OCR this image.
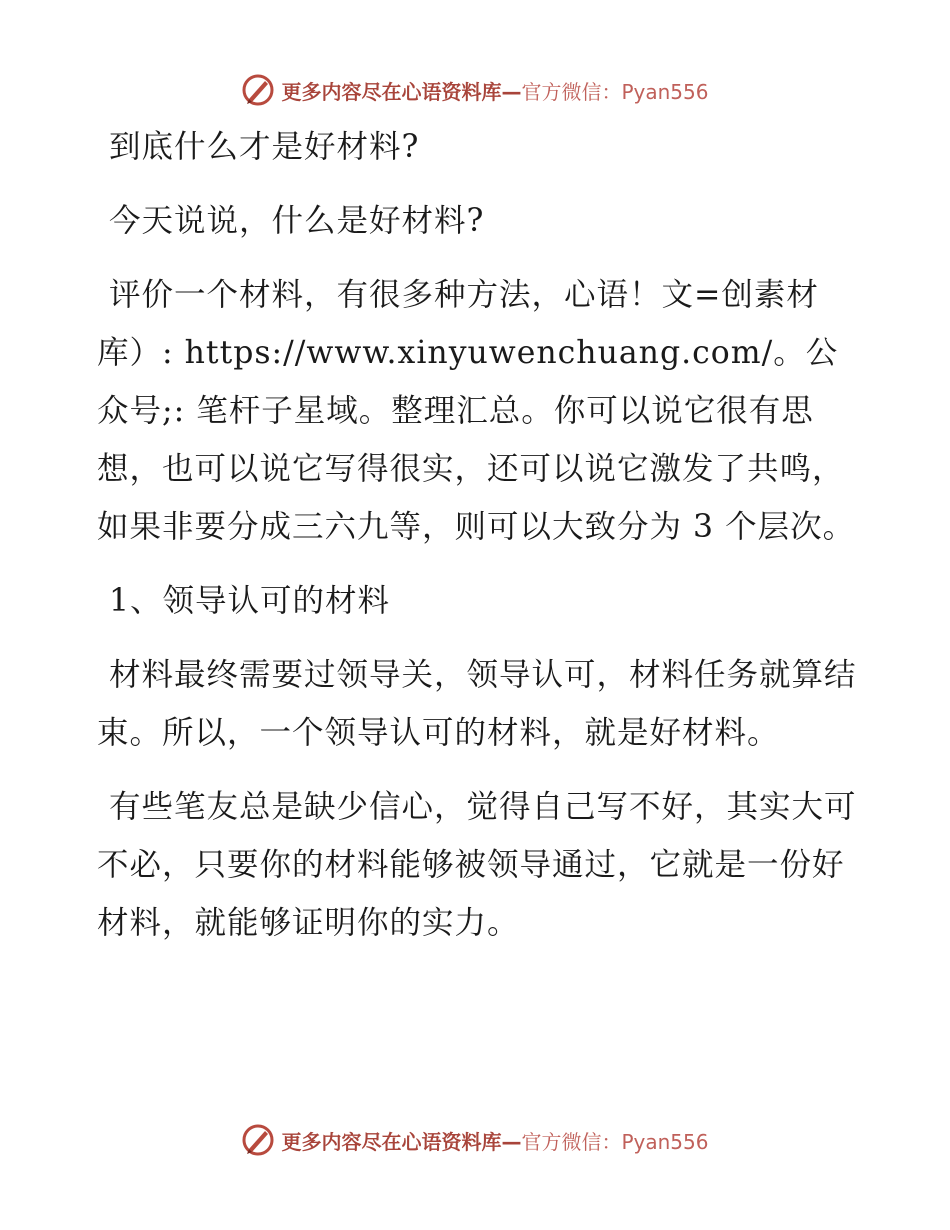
更多内容尽在心语资料库— 官方微信：Pyan556

到底什么才是好材料?

今天说说，什么是好材料?

评价一个材料，有很多种方法，心语！文=创素材库）: https://www.xinyuwenchuang.com/。公众号;: 笔杆子星域。整理汇总。你可以说它很有思想，也可以说它写得很实，还可以说它激发了共鸣，如果非要分成三六九等，则可以大致分为 3 个层次。

1、领导认可的材料

材料最终需要过领导关，领导认可，材料任务就算结束。所以，一个领导认可的材料，就是好材料。

有些笔友总是缺少信心，觉得自己写不好，其实大可不必，只要你的材料能够被领导通过，它就是一份好材料，就能够证明你的实力。

更多内容尽在心语资料库— 官方微信：Pyan556
